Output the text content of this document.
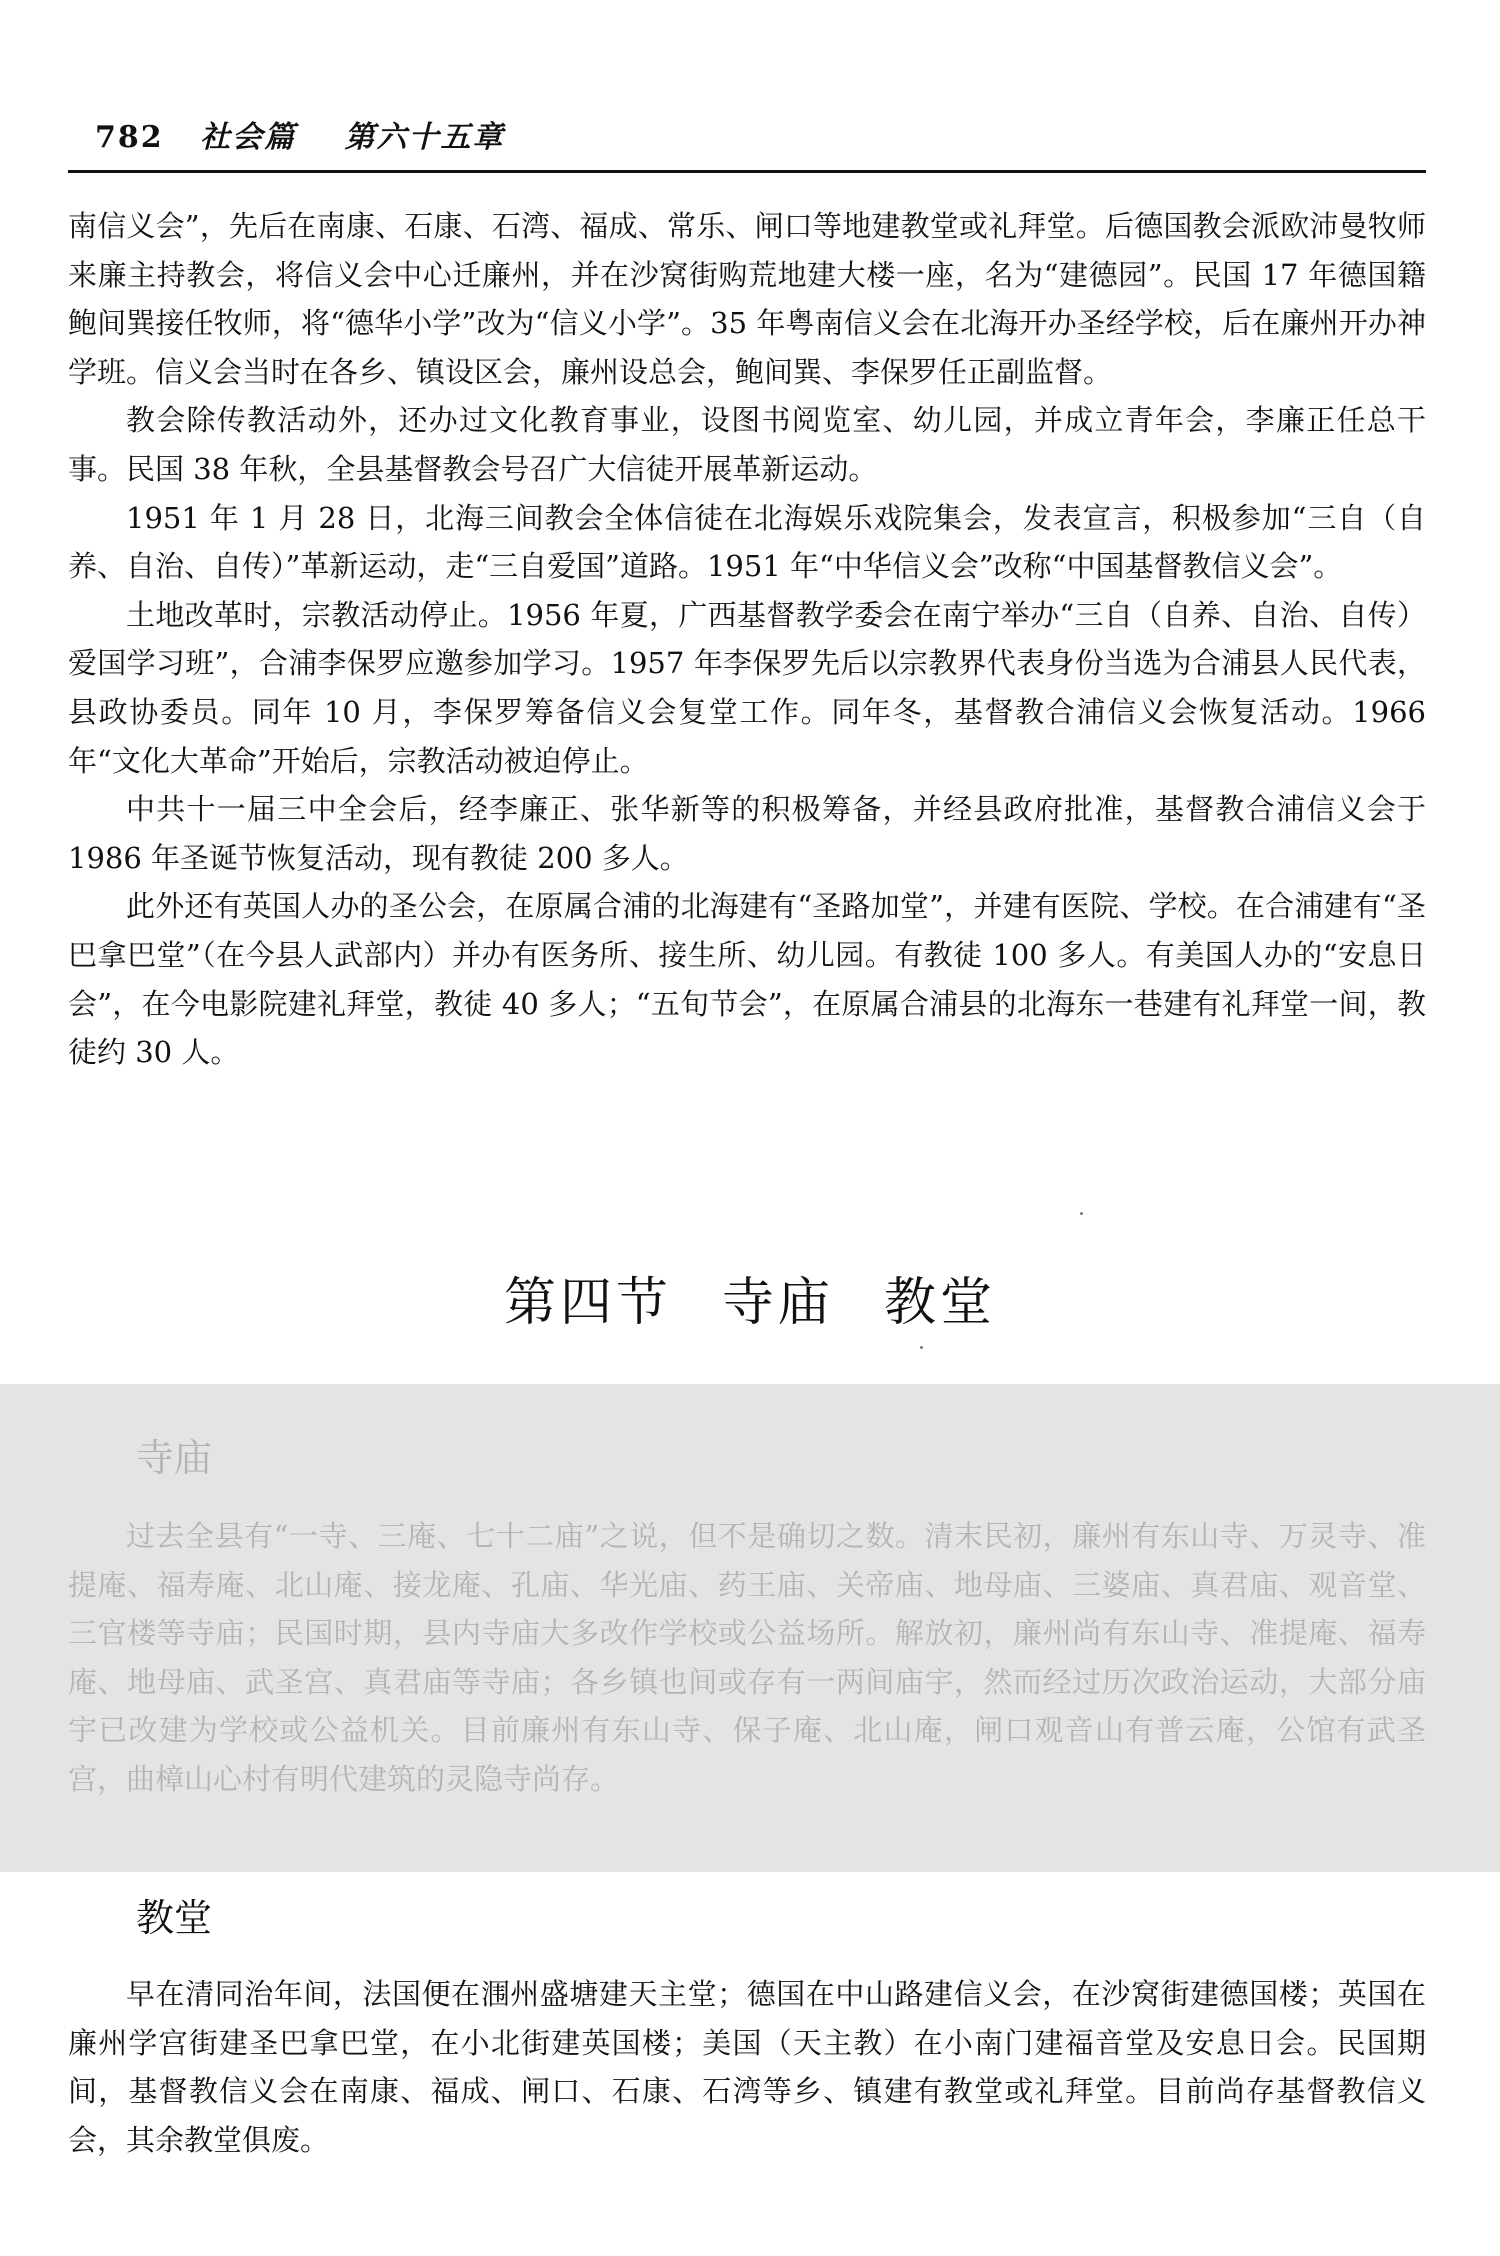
782 社会篇 第六十五章

南信义会”，先后在南康、石康、石湾、福成、常乐、闸口等地建教堂或礼拜堂。后德国教会派欧沛曼牧师来廉主持教会，将信义会中心迁廉州，并在沙窝街购荒地建大楼一座，名为“建德园”。民国 17 年德国籍鲍间巽接任牧师，将“德华小学”改为“信义小学”。35 年粤南信义会在北海开办圣经学校，后在廉州开办神学班。信义会当时在各乡、镇设区会，廉州设总会，鲍间巽、李保罗任正副监督。

教会除传教活动外，还办过文化教育事业，设图书阅览室、幼儿园，并成立青年会，李廉正任总干事。民国 38 年秋，全县基督教会号召广大信徒开展革新运动。

1951 年 1 月 28 日，北海三间教会全体信徒在北海娱乐戏院集会，发表宣言，积极参加“三自（自养、自治、自传）”革新运动，走“三自爱国”道路。1951 年“中华信义会”改称“中国基督教信义会”。

土地改革时，宗教活动停止。1956 年夏，广西基督教学委会在南宁举办“三自（自养、自治、自传）爱国学习班”，合浦李保罗应邀参加学习。1957 年李保罗先后以宗教界代表身份当选为合浦县人民代表，县政协委员。同年 10 月，李保罗筹备信义会复堂工作。同年冬，基督教合浦信义会恢复活动。1966 年“文化大革命”开始后，宗教活动被迫停止。

中共十一届三中全会后，经李廉正、张华新等的积极筹备，并经县政府批准，基督教合浦信义会于 1986 年圣诞节恢复活动，现有教徒 200 多人。

此外还有英国人办的圣公会，在原属合浦的北海建有“圣路加堂”，并建有医院、学校。在合浦建有“圣巴拿巴堂”（在今县人武部内）并办有医务所、接生所、幼儿园。有教徒 100 多人。有美国人办的“安息日会”，在今电影院建礼拜堂，教徒 40 多人；“五旬节会”，在原属合浦县的北海东一巷建有礼拜堂一间，教徒约 30 人。

第四节 寺庙 教堂
寺庙

过去全县有“一寺、三庵、七十二庙”之说，但不是确切之数。清末民初，廉州有东山寺、万灵寺、准提庵、福寿庵、北山庵、接龙庵、孔庙、华光庙、药王庙、关帝庙、地母庙、三婆庙、真君庙、观音堂、三官楼等寺庙；民国时期，县内寺庙大多改作学校或公益场所。解放初，廉州尚有东山寺、准提庵、福寿庵、地母庙、武圣宫、真君庙等寺庙；各乡镇也间或存有一两间庙宇，然而经过历次政治运动，大部分庙宇已改建为学校或公益机关。目前廉州有东山寺、保子庵、北山庵，闸口观音山有普云庵，公馆有武圣宫，曲樟山心村有明代建筑的灵隐寺尚存。

教堂

早在清同治年间，法国便在涠州盛塘建天主堂；德国在中山路建信义会，在沙窝街建德国楼；英国在廉州学宫街建圣巴拿巴堂，在小北街建英国楼；美国（天主教）在小南门建福音堂及安息日会。民国期间，基督教信义会在南康、福成、闸口、石康、石湾等乡、镇建有教堂或礼拜堂。目前尚存基督教信义会，其余教堂俱废。
